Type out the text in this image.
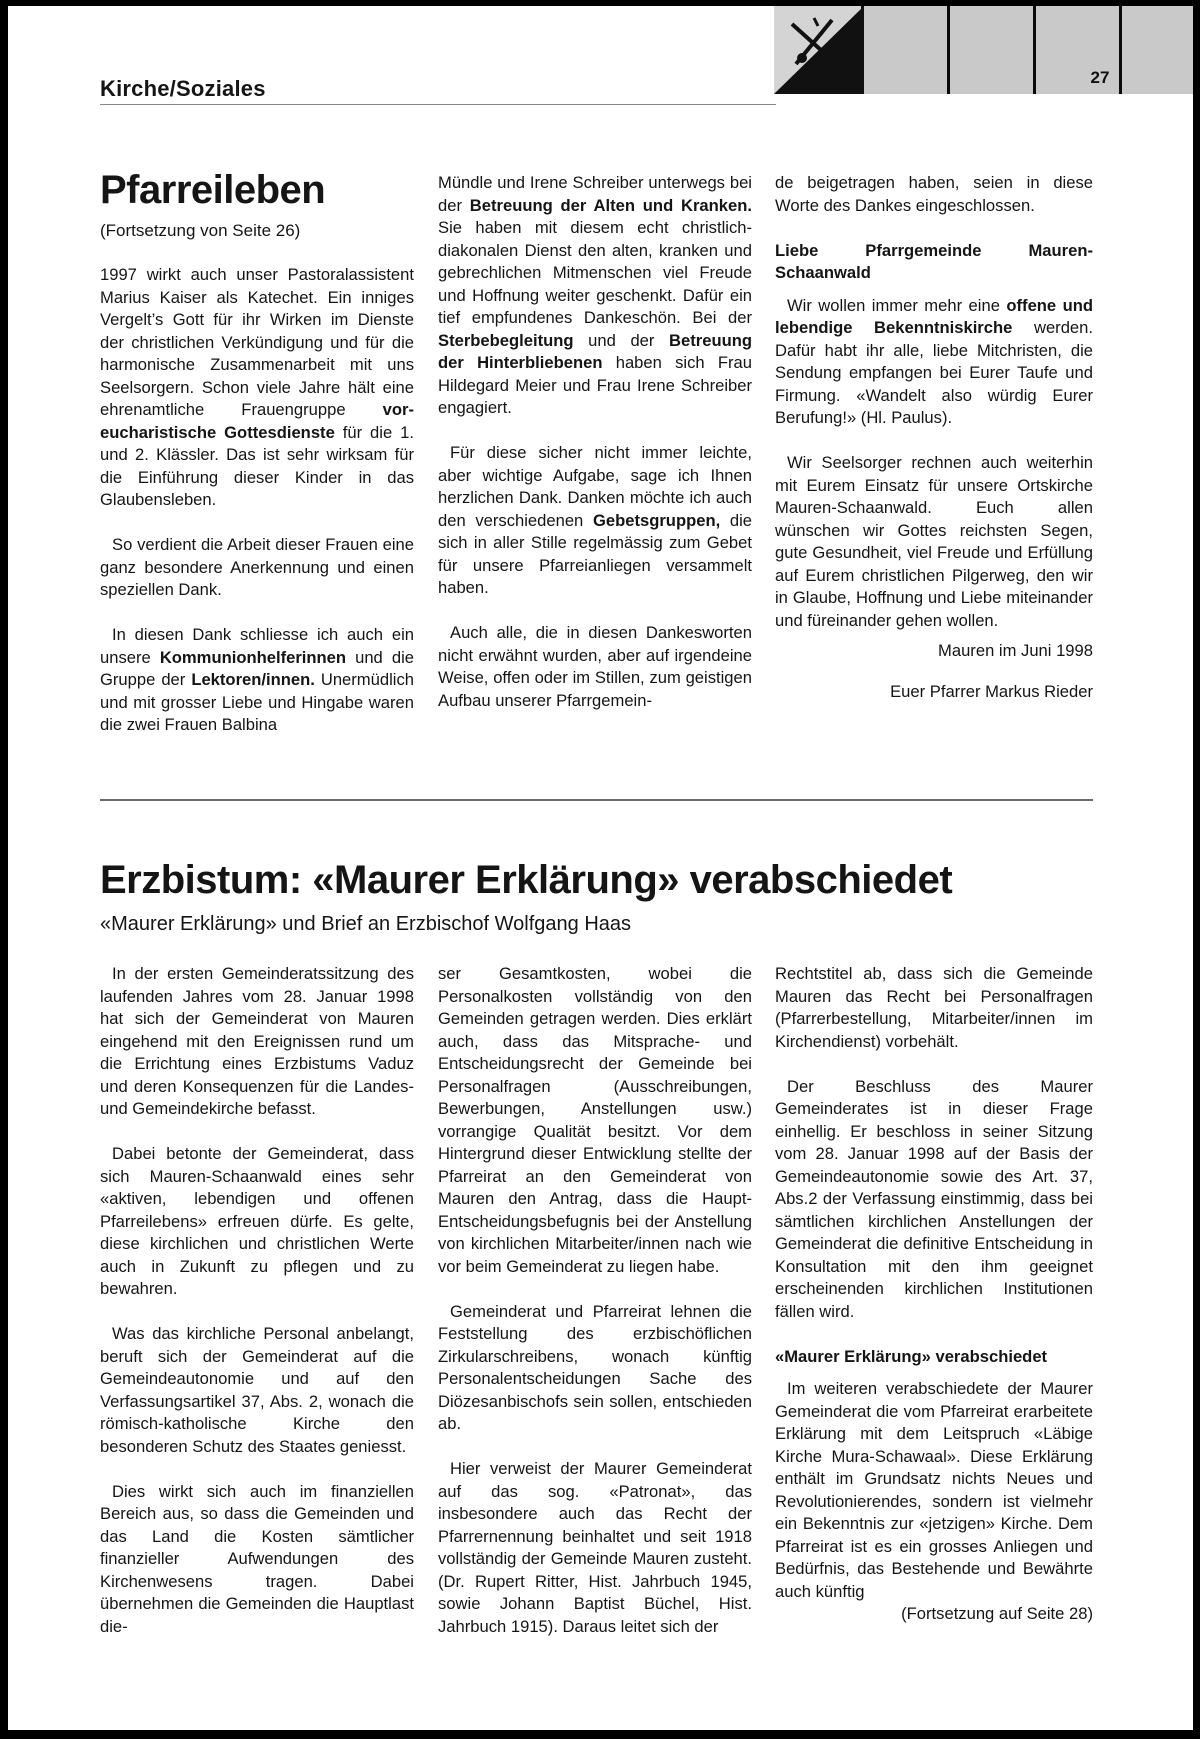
Kirche/Soziales	27
Pfarreileben
(Fortsetzung von Seite 26)

1997 wirkt auch unser Pastoralassistent Marius Kaiser als Katechet. Ein inniges Vergelt’s Gott für ihr Wirken im Dienste der christlichen Verkündigung und für die harmonische Zusammenarbeit mit uns Seelsorgern. Schon viele Jahre hält eine ehrenamtliche Frauengruppe vor-eucharistische Gottesdienste für die 1. und 2. Klässler. Das ist sehr wirksam für die Einführung dieser Kinder in das Glaubensleben.

So verdient die Arbeit dieser Frauen eine ganz besondere Anerkennung und einen speziellen Dank.

In diesen Dank schliesse ich auch ein unsere Kommunionhelferinnen und die Gruppe der Lektoren/innen. Unermüdlich und mit grosser Liebe und Hingabe waren die zwei Frauen Balbina

Mündle und Irene Schreiber unterwegs bei der Betreuung der Alten und Kranken. Sie haben mit diesem echt christlich-diakonalen Dienst den alten, kranken und gebrechlichen Mitmenschen viel Freude und Hoffnung weiter geschenkt. Dafür ein tief empfundenes Dankeschön. Bei der Sterbebegleitung und der Betreuung der Hinterbliebenen haben sich Frau Hildegard Meier und Frau Irene Schreiber engagiert.

Für diese sicher nicht immer leichte, aber wichtige Aufgabe, sage ich Ihnen herzlichen Dank. Danken möchte ich auch den verschiedenen Gebetsgruppen, die sich in aller Stille regelmässig zum Gebet für unsere Pfarreianliegen versammelt haben.

Auch alle, die in diesen Dankesworten nicht erwähnt wurden, aber auf irgendeine Weise, offen oder im Stillen, zum geistigen Aufbau unserer Pfarrgemein-

de beigetragen haben, seien in diese Worte des Dankes eingeschlossen.

Liebe Pfarrgemeinde Mauren-Schaanwald

Wir wollen immer mehr eine offene und lebendige Bekenntniskirche werden. Dafür habt ihr alle, liebe Mitchristen, die Sendung empfangen bei Eurer Taufe und Firmung. «Wandelt also würdig Eurer Berufung!» (Hl. Paulus).

Wir Seelsorger rechnen auch weiterhin mit Eurem Einsatz für unsere Ortskirche Mauren-Schaanwald. Euch allen wünschen wir Gottes reichsten Segen, gute Gesundheit, viel Freude und Erfüllung auf Eurem christlichen Pilgerweg, den wir in Glaube, Hoffnung und Liebe miteinander und füreinander gehen wollen.

Mauren im Juni 1998
Euer Pfarrer Markus Rieder
Erzbistum: «Maurer Erklärung» verabschiedet
«Maurer Erklärung» und Brief an Erzbischof Wolfgang Haas

In der ersten Gemeinderatssitzung des laufenden Jahres vom 28. Januar 1998 hat sich der Gemeinderat von Mauren eingehend mit den Ereignissen rund um die Errichtung eines Erzbistums Vaduz und deren Konsequenzen für die Landes- und Gemeindekirche befasst.

Dabei betonte der Gemeinderat, dass sich Mauren-Schaanwald eines sehr «aktiven, lebendigen und offenen Pfarreilebens» erfreuen dürfe. Es gelte, diese kirchlichen und christlichen Werte auch in Zukunft zu pflegen und zu bewahren.

Was das kirchliche Personal anbelangt, beruft sich der Gemeinderat auf die Gemeindeautonomie und auf den Verfassungsartikel 37, Abs. 2, wonach die römisch-katholische Kirche den besonderen Schutz des Staates geniesst.

Dies wirkt sich auch im finanziellen Bereich aus, so dass die Gemeinden und das Land die Kosten sämtlicher finanzieller Aufwendungen des Kirchenwesens tragen. Dabei übernehmen die Gemeinden die Hauptlast die-

ser Gesamtkosten, wobei die Personalkosten vollständig von den Gemeinden getragen werden. Dies erklärt auch, dass das Mitsprache- und Entscheidungsrecht der Gemeinde bei Personalfragen (Ausschreibungen, Bewerbungen, Anstellungen usw.) vorrangige Qualität besitzt. Vor dem Hintergrund dieser Entwicklung stellte der Pfarreirat an den Gemeinderat von Mauren den Antrag, dass die Haupt- Entscheidungsbefugnis bei der Anstellung von kirchlichen Mitarbeiter/innen nach wie vor beim Gemeinderat zu liegen habe.

Gemeinderat und Pfarreirat lehnen die Feststellung des erzbischöflichen Zirkularschreibens, wonach künftig Personalentscheidungen Sache des Diözesanbischofs sein sollen, entschieden ab.

Hier verweist der Maurer Gemeinderat auf das sog. «Patronat», das insbesondere auch das Recht der Pfarrernennung beinhaltet und seit 1918 vollständig der Gemeinde Mauren zusteht. (Dr. Rupert Ritter, Hist. Jahrbuch 1945, sowie Johann Baptist Büchel, Hist. Jahrbuch 1915). Daraus leitet sich der

Rechtstitel ab, dass sich die Gemeinde Mauren das Recht bei Personalfragen (Pfarrerbestellung, Mitarbeiter/innen im Kirchendienst) vorbehält.

Der Beschluss des Maurer Gemeinderates ist in dieser Frage einhellig. Er beschloss in seiner Sitzung vom 28. Januar 1998 auf der Basis der Gemeindeautonomie sowie des Art. 37, Abs.2 der Verfassung einstimmig, dass bei sämtlichen kirchlichen Anstellungen der Gemeinderat die definitive Entscheidung in Konsultation mit den ihm geeignet erscheinenden kirchlichen Institutionen fällen wird.

«Maurer Erklärung» verabschiedet

Im weiteren verabschiedete der Maurer Gemeinderat die vom Pfarreirat erarbeitete Erklärung mit dem Leitspruch «Läbige Kirche Mura-Schawaal». Diese Erklärung enthält im Grundsatz nichts Neues und Revolutionierendes, sondern ist vielmehr ein Bekenntnis zur «jetzigen» Kirche. Dem Pfarreirat ist es ein grosses Anliegen und Bedürfnis, das Bestehende und Bewährte auch künftig

(Fortsetzung auf Seite 28)
